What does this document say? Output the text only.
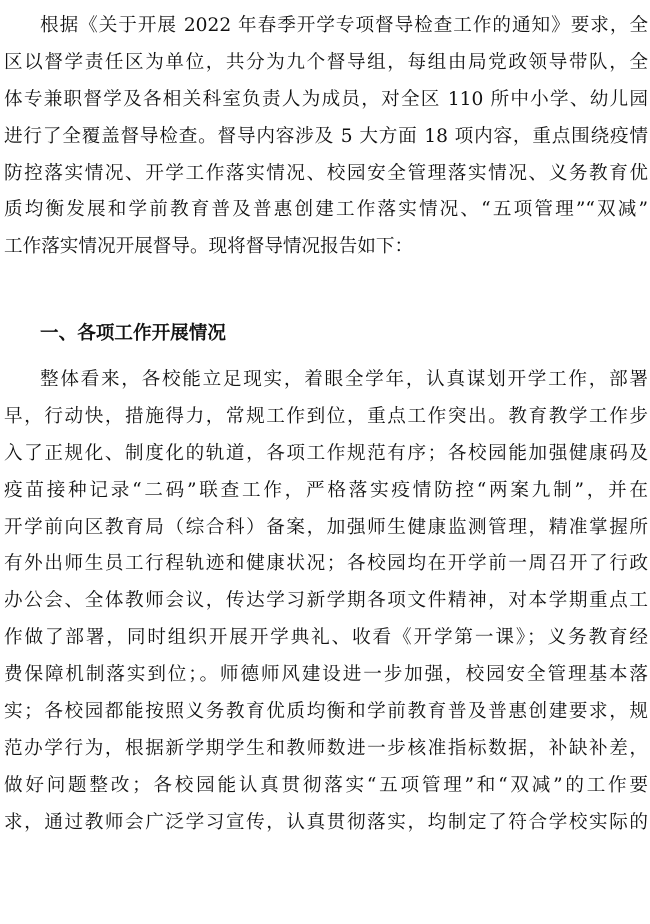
根据《关于开展 2022 年春季开学专项督导检查工作的通知》要求，全
区以督学责任区为单位，共分为九个督导组，每组由局党政领导带队，全
体专兼职督学及各相关科室负责人为成员，对全区 110 所中小学、幼儿园
进行了全覆盖督导检查。督导内容涉及 5 大方面 18 项内容，重点围绕疫情
防控落实情况、开学工作落实情况、校园安全管理落实情况、义务教育优
质均衡发展和学前教育普及普惠创建工作落实情况、“五项管理”“双减”
工作落实情况开展督导。现将督导情况报告如下：
一、各项工作开展情况
整体看来，各校能立足现实，着眼全学年，认真谋划开学工作，部署
早，行动快，措施得力，常规工作到位，重点工作突出。教育教学工作步
入了正规化、制度化的轨道，各项工作规范有序；各校园能加强健康码及
疫苗接种记录“二码”联查工作，严格落实疫情防控“两案九制”，并在
开学前向区教育局（综合科）备案，加强师生健康监测管理，精准掌握所
有外出师生员工行程轨迹和健康状况；各校园均在开学前一周召开了行政
办公会、全体教师会议，传达学习新学期各项文件精神，对本学期重点工
作做了部署，同时组织开展开学典礼、收看《开学第一课》；义务教育经
费保障机制落实到位；。师德师风建设进一步加强，校园安全管理基本落
实；各校园都能按照义务教育优质均衡和学前教育普及普惠创建要求，规
范办学行为，根据新学期学生和教师数进一步核准指标数据，补缺补差，
做好问题整改；各校园能认真贯彻落实“五项管理”和“双减”的工作要
求，通过教师会广泛学习宣传，认真贯彻落实，均制定了符合学校实际的
